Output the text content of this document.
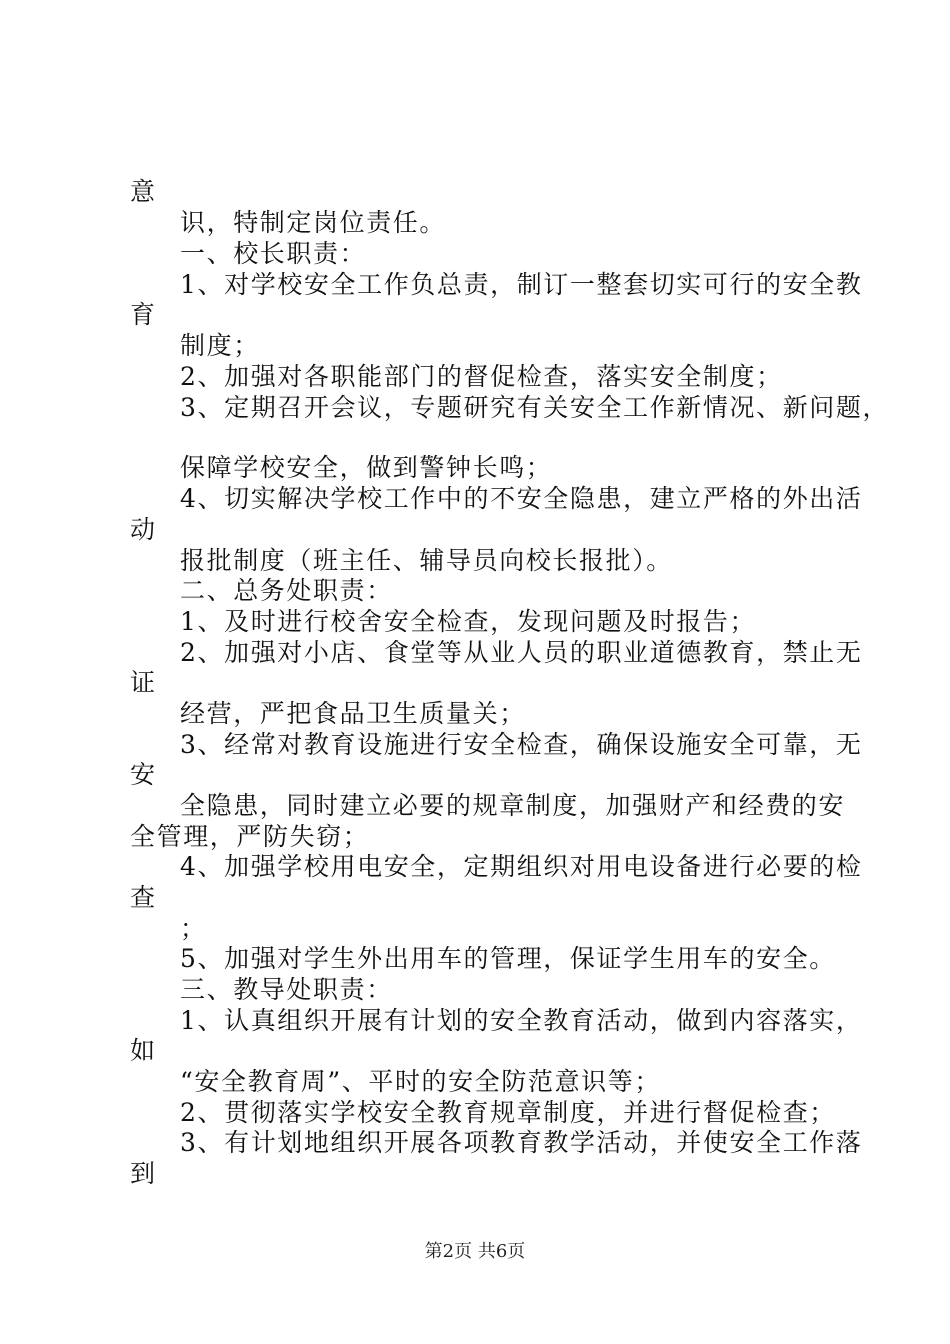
意
识，特制定岗位责任。
一、校长职责：
1、对学校安全工作负总责，制订一整套切实可行的安全教
育
制度；
2、加强对各职能部门的督促检查，落实安全制度；
3、定期召开会议，专题研究有关安全工作新情况、新问题，
保障学校安全，做到警钟长鸣；
4、切实解决学校工作中的不安全隐患，建立严格的外出活
动
报批制度（班主任、辅导员向校长报批）。
二、总务处职责：
1、及时进行校舍安全检查，发现问题及时报告；
2、加强对小店、食堂等从业人员的职业道德教育，禁止无
证
经营，严把食品卫生质量关；
3、经常对教育设施进行安全检查，确保设施安全可靠，无
安
全隐患，同时建立必要的规章制度，加强财产和经费的安
全管理，严防失窃；
4、加强学校用电安全，定期组织对用电设备进行必要的检
查
；
5、加强对学生外出用车的管理，保证学生用车的安全。
三、教导处职责：
1、认真组织开展有计划的安全教育活动，做到内容落实，
如
“安全教育周”、平时的安全防范意识等；
2、贯彻落实学校安全教育规章制度，并进行督促检查；
3、有计划地组织开展各项教育教学活动，并使安全工作落
到
第2页 共6页
